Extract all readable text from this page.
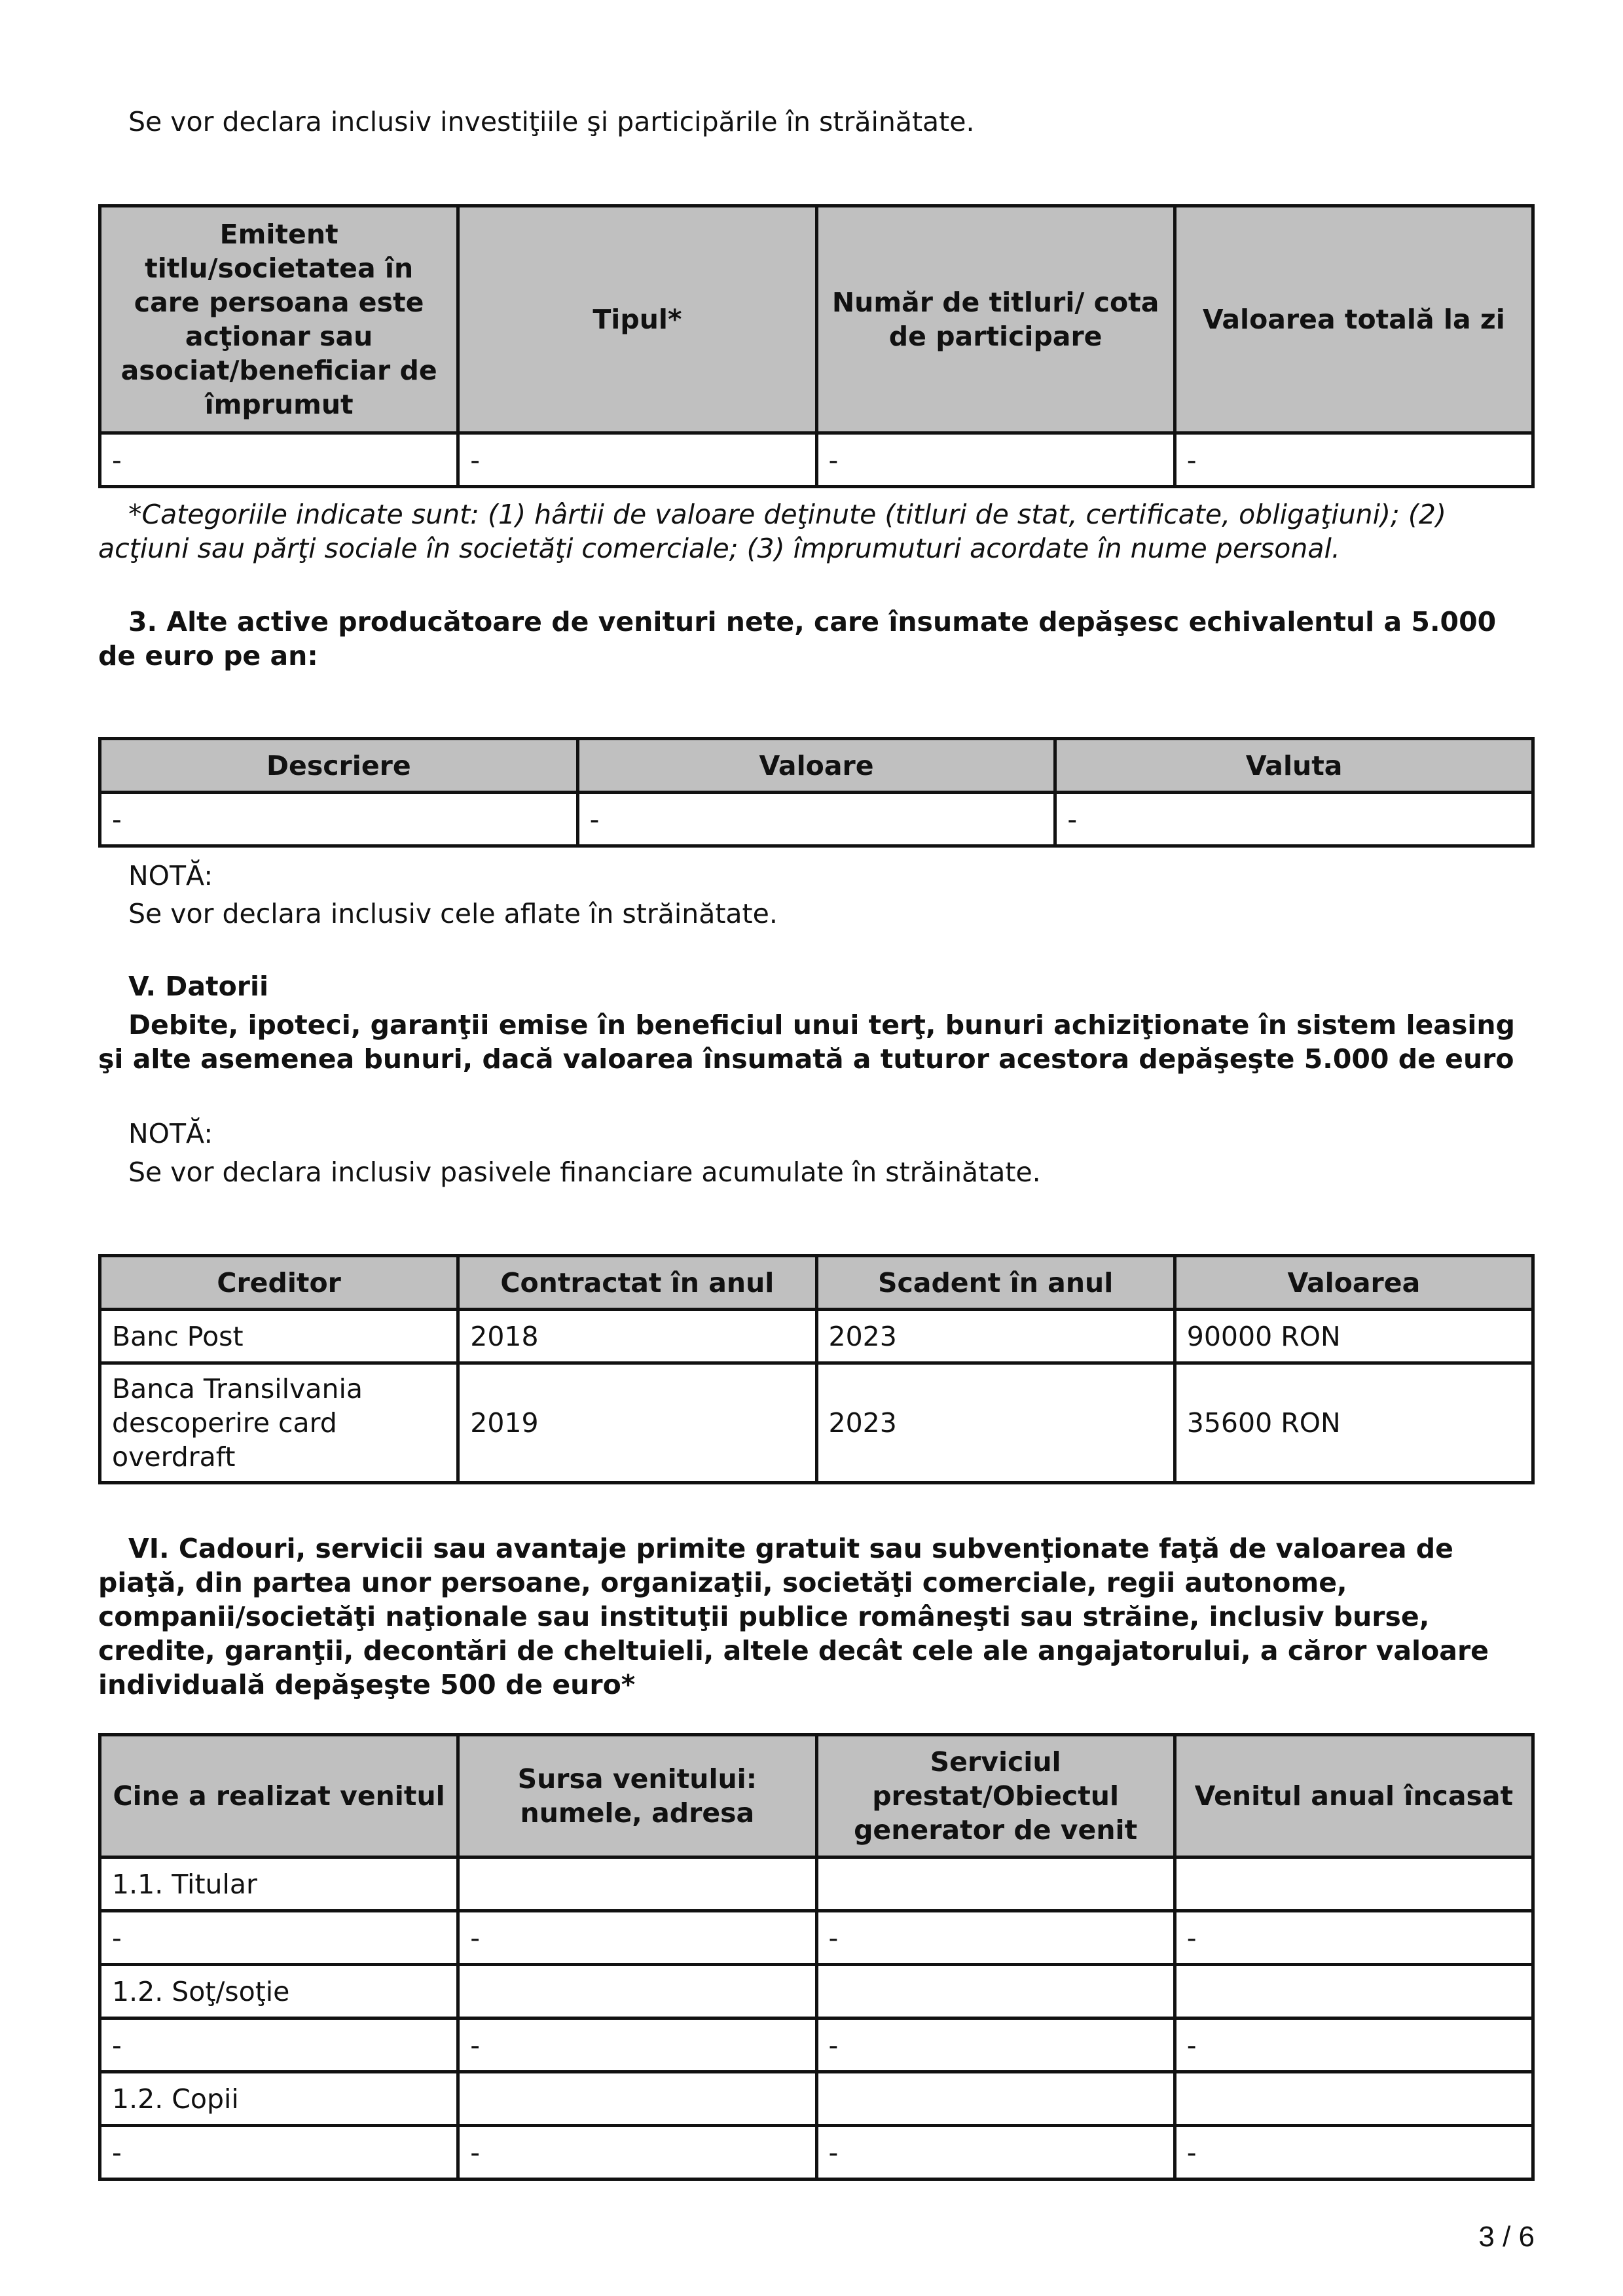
Se vor declara inclusiv investiţiile şi participările în străinătate.

Emitent titlu/societatea în care persoana este acţionar sau asociat/beneficiar de împrumut	Tipul*	Număr de titluri/ cota de participare	Valoarea totală la zi
-	-	-	-

*Categoriile indicate sunt: (1) hârtii de valoare deţinute (titluri de stat, certificate, obligaţiuni); (2) acţiuni sau părţi sociale în societăţi comerciale; (3) împrumuturi acordate în nume personal.

3. Alte active producătoare de venituri nete, care însumate depăşesc echivalentul a 5.000 de euro pe an:

Descriere	Valoare	Valuta
-	-	-

NOTĂ:

Se vor declara inclusiv cele aflate în străinătate.

V. Datorii

Debite, ipoteci, garanţii emise în beneficiul unui terţ, bunuri achiziţionate în sistem leasing şi alte asemenea bunuri, dacă valoarea însumată a tuturor acestora depăşeşte 5.000 de euro

NOTĂ:

Se vor declara inclusiv pasivele financiare acumulate în străinătate.

Creditor	Contractat în anul	Scadent în anul	Valoarea
Banc Post	2018	2023	90000 RON
Banca Transilvania descoperire card overdraft	2019	2023	35600 RON

VI. Cadouri, servicii sau avantaje primite gratuit sau subvenţionate faţă de valoarea de piaţă, din partea unor persoane, organizaţii, societăţi comerciale, regii autonome, companii/societăţi naţionale sau instituţii publice româneşti sau străine, inclusiv burse, credite, garanţii, decontări de cheltuieli, altele decât cele ale angajatorului, a căror valoare individuală depăşeşte 500 de euro*

Cine a realizat venitul	Sursa venitului: numele, adresa	Serviciul prestat/Obiectul generator de venit	Venitul anual încasat
1.1. Titular			
-	-	-	-
1.2. Soţ/soţie			
-	-	-	-
1.2. Copii			
-	-	-	-
3 / 6
